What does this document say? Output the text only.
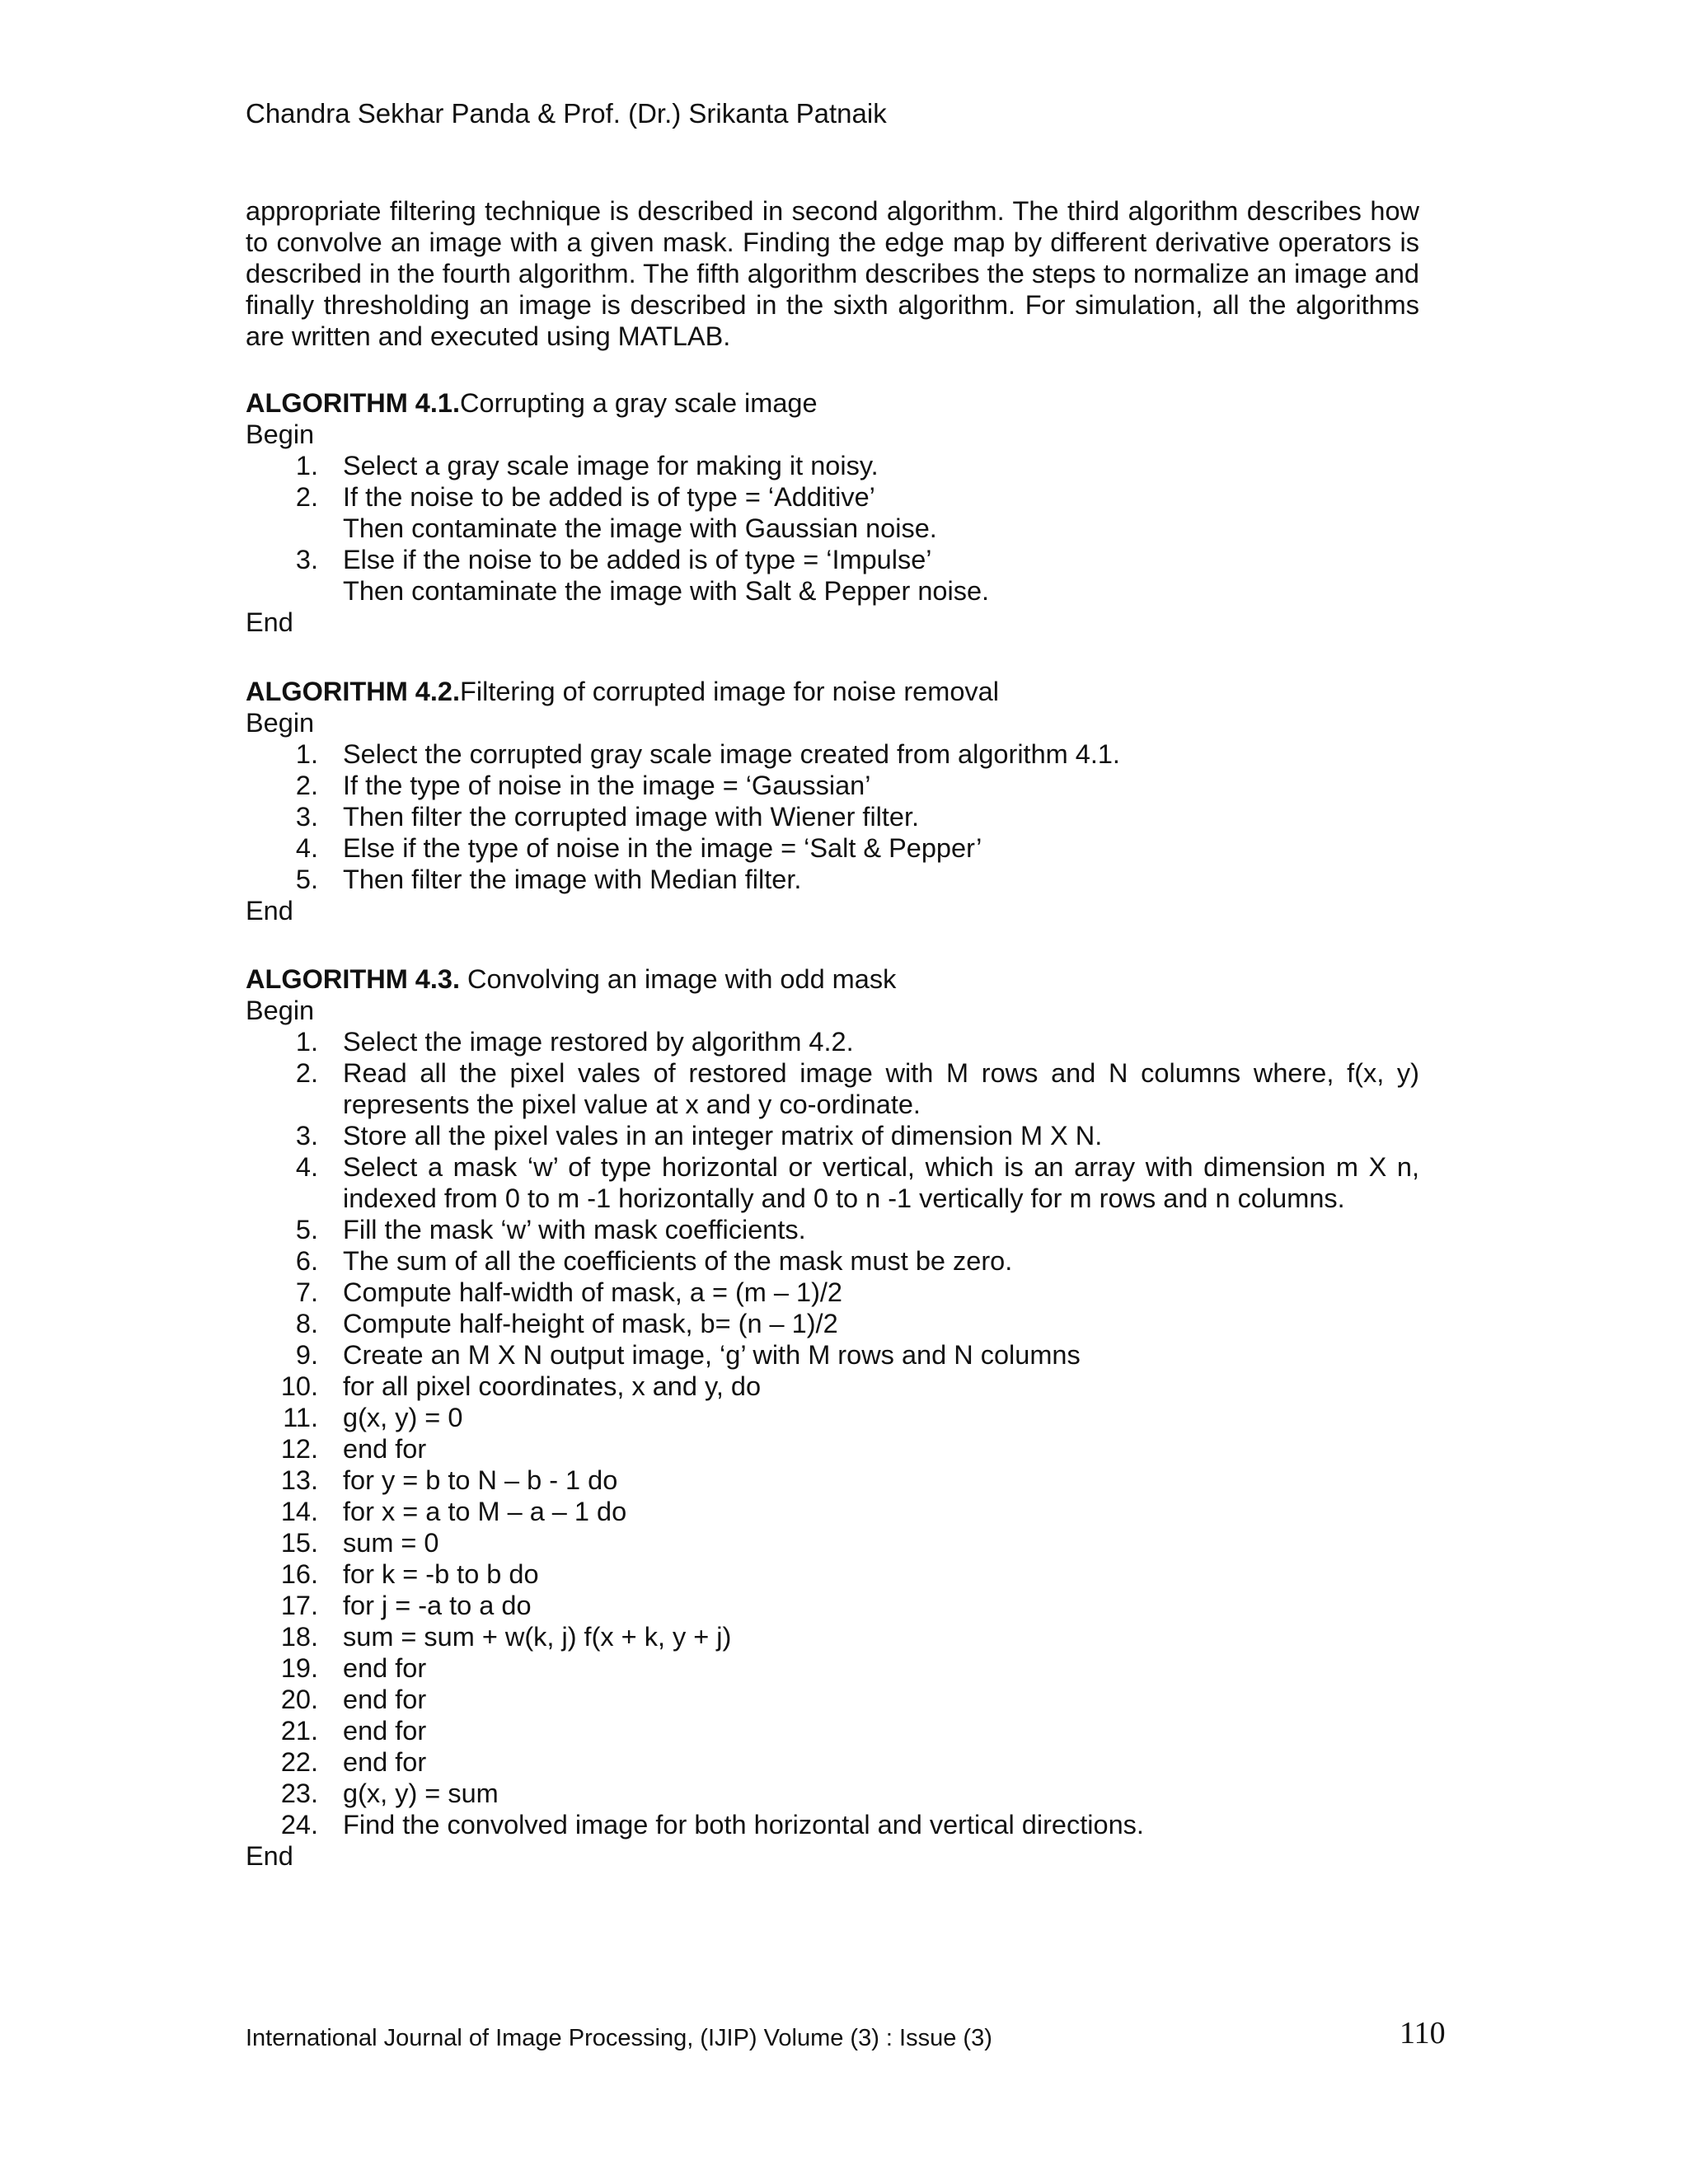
Chandra Sekhar Panda & Prof. (Dr.) Srikanta Patnaik

appropriate filtering technique is described in second algorithm. The third algorithm describes how to convolve an image with a given mask. Finding the edge map by different derivative operators is described in the fourth algorithm. The fifth algorithm describes the steps to normalize an image and finally thresholding an image is described in the sixth algorithm. For simulation, all the algorithms are written and executed using MATLAB.

ALGORITHM 4.1.Corrupting a gray scale image

Begin

1. Select a gray scale image for making it noisy.
2. If the noise to be added is of type = ‘Additive’
Then contaminate the image with Gaussian noise.
3. Else if the noise to be added is of type = ‘Impulse’
Then contaminate the image with Salt & Pepper noise.

End

ALGORITHM 4.2.Filtering of corrupted image for noise removal

Begin

1. Select the corrupted gray scale image created from algorithm 4.1.
2. If the type of noise in the image = ‘Gaussian’
3. Then filter the corrupted image with Wiener filter.
4. Else if the type of noise in the image = ‘Salt & Pepper’
5. Then filter the image with Median filter.

End

ALGORITHM 4.3. Convolving an image with odd mask

Begin

1. Select the image restored by algorithm 4.2.
2. Read all the pixel vales of restored image with M rows and N columns where, f(x, y) represents the pixel value at x and y co-ordinate.
3. Store all the pixel vales in an integer matrix of dimension M X N.
4. Select a mask ‘w’ of type horizontal or vertical, which is an array with dimension m X n, indexed from 0 to m -1 horizontally and 0 to n -1 vertically for m rows and n columns.
5. Fill the mask ‘w’ with mask coefficients.
6. The sum of all the coefficients of the mask must be zero.
7. Compute half-width of mask, a = (m – 1)/2
8. Compute half-height of mask, b= (n – 1)/2
9. Create an M X N output image, ‘g’ with M rows and N columns
10. for all pixel coordinates, x and y, do
11. g(x, y) = 0
12. end for
13. for y = b to N – b - 1 do
14. for x = a to M – a – 1 do
15. sum = 0
16. for k = -b to b do
17. for j = -a to a do
18. sum = sum + w(k, j) f(x + k, y + j)
19. end for
20. end for
21. end for
22. end for
23. g(x, y) = sum
24. Find the convolved image for both horizontal and vertical directions.

End

International Journal of Image Processing, (IJIP) Volume (3) : Issue (3)	110
